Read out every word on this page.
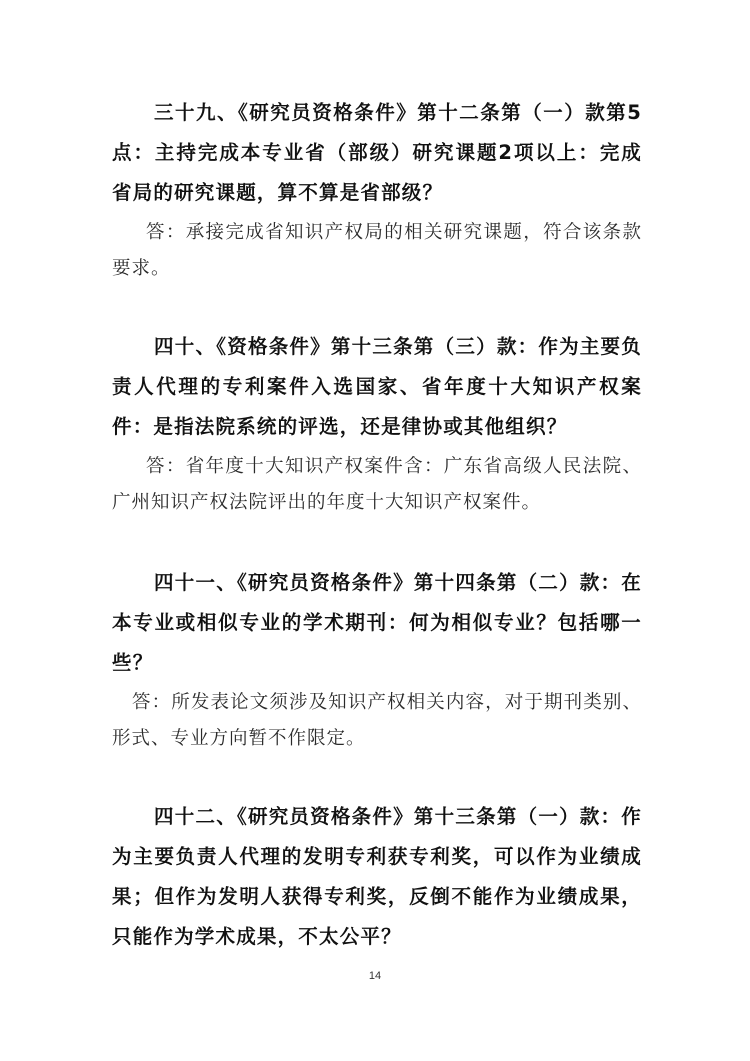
三十九、《研究员资格条件》第十二条第（一）款第5点：主持完成本专业省（部级）研究课题2项以上：完成省局的研究课题，算不算是省部级？

答：承接完成省知识产权局的相关研究课题，符合该条款要求。

四十、《资格条件》第十三条第（三）款：作为主要负责人代理的专利案件入选国家、省年度十大知识产权案件：是指法院系统的评选，还是律协或其他组织？

答：省年度十大知识产权案件含：广东省高级人民法院、广州知识产权法院评出的年度十大知识产权案件。

四十一、《研究员资格条件》第十四条第（二）款：在本专业或相似专业的学术期刊：何为相似专业？包括哪一些？

答：所发表论文须涉及知识产权相关内容，对于期刊类别、形式、专业方向暂不作限定。

四十二、《研究员资格条件》第十三条第（一）款：作为主要负责人代理的发明专利获专利奖，可以作为业绩成果；但作为发明人获得专利奖，反倒不能作为业绩成果，只能作为学术成果，不太公平？

14
